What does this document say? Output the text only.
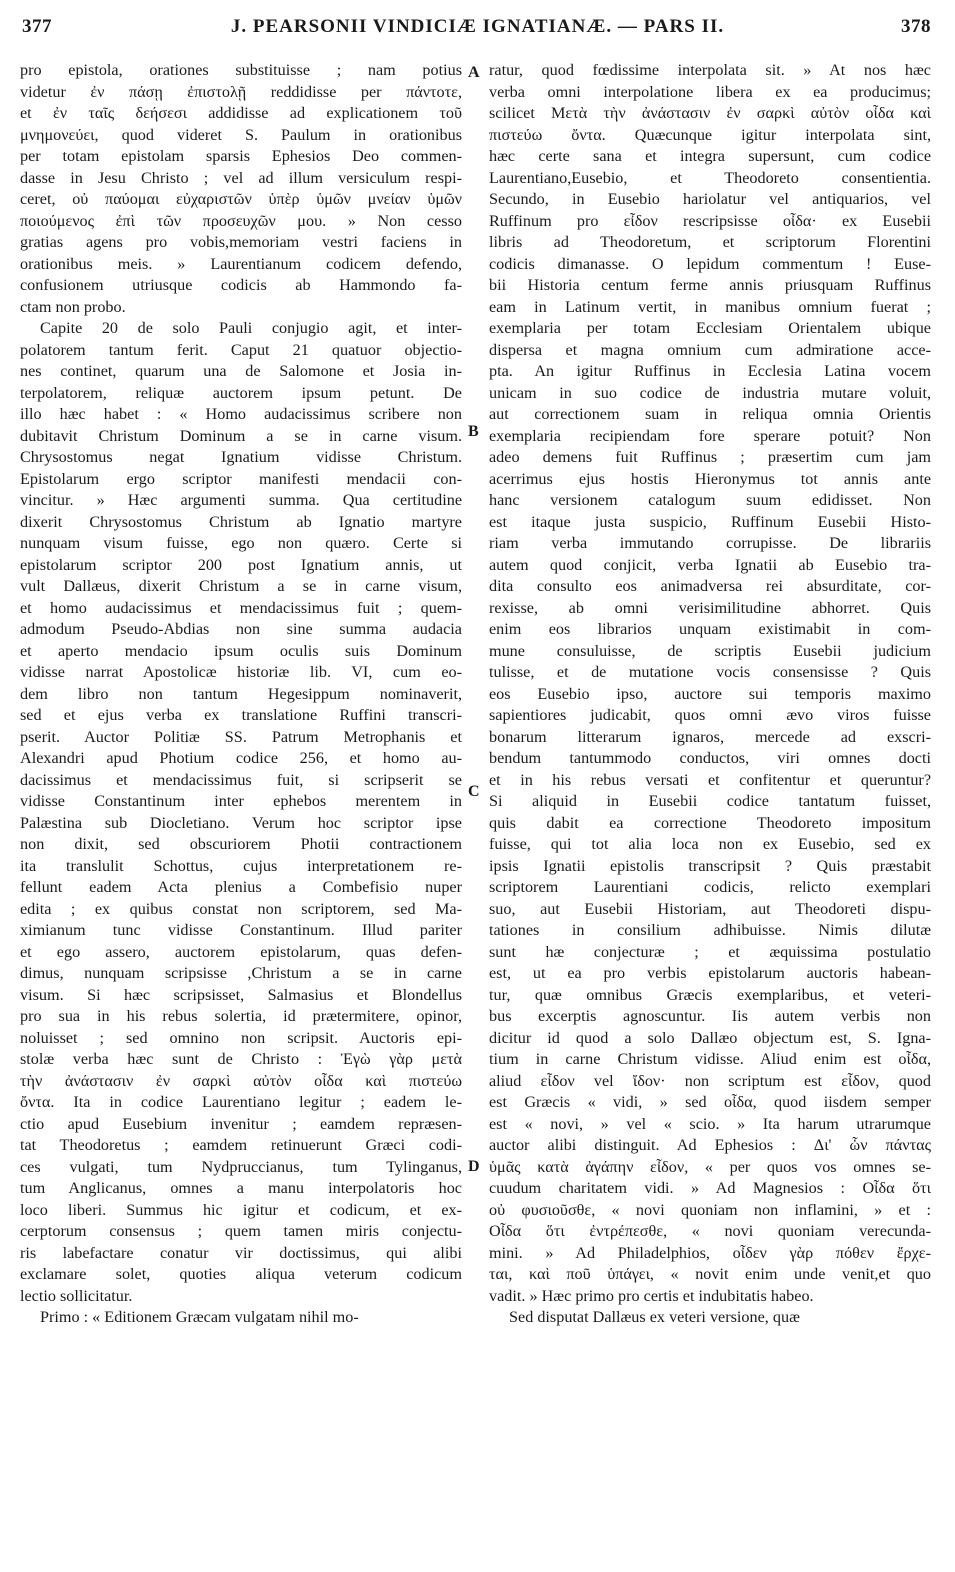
377	J. PEARSONII VINDICIÆ IGNATIANÆ. — PARS II.	378

pro epistola, orationes substituisse ; nam potius

videtur ἐν πάσῃ ἐπιστολῇ reddidisse per πάντοτε,

et ἐν ταῖς δεήσεσι addidisse ad explicationem τοῦ

μνημονεύει, quod videret S. Paulum in orationibus

per totam epistolam sparsis Ephesios Deo commen-

dasse in Jesu Christo ; vel ad illum versiculum respi-

ceret, οὐ παύομαι εὐχαριστῶν ὑπὲρ ὑμῶν μνείαν ὑμῶν

ποιούμενος ἐπὶ τῶν προσευχῶν μου. » Non cesso

gratias agens pro vobis,memoriam vestri faciens in

orationibus meis. » Laurentianum codicem defendo,

confusionem utriusque codicis ab Hammondo fa-

ctam non probo.

Capite 20 de solo Pauli conjugio agit, et inter-

polatorem tantum ferit. Caput 21 quatuor objectio-

nes continet, quarum una de Salomone et Josia in-

terpolatorem, reliquæ auctorem ipsum petunt. De

illo hæc habet : « Homo audacissimus scribere non

dubitavit Christum Dominum a se in carne visum.

Chrysostomus negat Ignatium vidisse Christum.

Epistolarum ergo scriptor manifesti mendacii con-

vincitur. » Hæc argumenti summa. Qua certitudine

dixerit Chrysostomus Christum ab Ignatio martyre

nunquam visum fuisse, ego non quæro. Certe si

epistolarum scriptor 200 post Ignatium annis, ut

vult Dallæus, dixerit Christum a se in carne visum,

et homo audacissimus et mendacissimus fuit ; quem-

admodum Pseudo-Abdias non sine summa audacia

et aperto mendacio ipsum oculis suis Dominum

vidisse narrat Apostolicæ historiæ lib. VI, cum eo-

dem libro non tantum Hegesippum nominaverit,

sed et ejus verba ex translatione Ruffini transcri-

pserit. Auctor Politiæ SS. Patrum Metrophanis et

Alexandri apud Photium codice 256, et homo au-

dacissimus et mendacissimus fuit, si scripserit se

vidisse Constantinum inter ephebos merentem in

Palæstina sub Diocletiano. Verum hoc scriptor ipse

non dixit, sed obscuriorem Photii contractionem

ita translulit Schottus, cujus interpretationem re-

fellunt eadem Acta plenius a Combefisio nuper

edita ; ex quibus constat non scriptorem, sed Ma-

ximianum tunc vidisse Constantinum. Illud pariter

et ego assero, auctorem epistolarum, quas defen-

dimus, nunquam scripsisse ,Christum a se in carne

visum. Si hæc scripsisset, Salmasius et Blondellus

pro sua in his rebus solertia, id prætermitere, opinor,

noluisset ; sed omnino non scripsit. Auctoris epi-

stolæ verba hæc sunt de Christo : Ἐγὼ γὰρ μετὰ

τὴν ἀνάστασιν ἐν σαρκὶ αὐτὸν οἶδα καὶ πιστεύω

ὄντα. Ita in codice Laurentiano legitur ; eadem le-

ctio apud Eusebium invenitur ; eamdem repræsen-

tat Theodoretus ; eamdem retinuerunt Græci codi-

ces vulgati, tum Nydpruccianus, tum Tylinganus,

tum Anglicanus, omnes a manu interpolatoris hoc

loco liberi. Summus hic igitur et codicum, et ex-

cerptorum consensus ; quem tamen miris conjectu-

ris labefactare conatur vir doctissimus, qui alibi

exclamare solet, quoties aliqua veterum codicum

lectio sollicitatur.

Primo : « Editionem Græcam vulgatam nihil mo-

ratur, quod fœdissime interpolata sit. » At nos hæc

verba omni interpolatione libera ex ea producimus;

scilicet Μετὰ τὴν ἀνάστασιν ἐν σαρκὶ αὐτὸν οἶδα καὶ

πιστεύω ὄντα. Quæcunque igitur interpolata sint,

hæc certe sana et integra supersunt, cum codice

Laurentiano,Eusebio, et Theodoreto consentientia.

Secundo, in Eusebio hariolatur vel antiquarios, vel

Ruffinum pro εἶδον rescripsisse οἶδα· ex Eusebii

libris ad Theodoretum, et scriptorum Florentini

codicis dimanasse. O lepidum commentum ! Euse-

bii Historia centum ferme annis priusquam Ruffinus

eam in Latinum vertit, in manibus omnium fuerat ;

exemplaria per totam Ecclesiam Orientalem ubique

dispersa et magna omnium cum admiratione acce-

pta. An igitur Ruffinus in Ecclesia Latina vocem

unicam in suo codice de industria mutare voluit,

aut correctionem suam in reliqua omnia Orientis

exemplaria recipiendam fore sperare potuit? Non

adeo demens fuit Ruffinus ; præsertim cum jam

acerrimus ejus hostis Hieronymus tot annis ante

hanc versionem catalogum suum edidisset. Non

est itaque justa suspicio, Ruffinum Eusebii Histo-

riam verba immutando corrupisse. De librariis

autem quod conjicit, verba Ignatii ab Eusebio tra-

dita consulto eos animadversa rei absurditate, cor-

rexisse, ab omni verisimilitudine abhorret. Quis

enim eos librarios unquam existimabit in com-

mune consuluisse, de scriptis Eusebii judicium

tulisse, et de mutatione vocis consensisse ? Quis

eos Eusebio ipso, auctore sui temporis maximo

sapientiores judicabit, quos omni ævo viros fuisse

bonarum litterarum ignaros, mercede ad exscri-

bendum tantummodo conductos, viri omnes docti

et in his rebus versati et confitentur et queruntur?

Si aliquid in Eusebii codice tantatum fuisset,

quis dabit ea correctione Theodoreto impositum

fuisse, qui tot alia loca non ex Eusebio, sed ex

ipsis Ignatii epistolis transcripsit ? Quis præstabit

scriptorem Laurentiani codicis, relicto exemplari

suo, aut Eusebii Historiam, aut Theodoreti dispu-

tationes in consilium adhibuisse. Nimis dilutæ

sunt hæ conjecturæ ; et æquissima postulatio

est, ut ea pro verbis epistolarum auctoris habean-

tur, quæ omnibus Græcis exemplaribus, et veteri-

bus excerptis agnoscuntur. Iis autem verbis non

dicitur id quod a solo Dallæo objectum est, S. Igna-

tium in carne Christum vidisse. Aliud enim est οἶδα,

aliud εἶδον vel ἴδον· non scriptum est εἶδον, quod

est Græcis « vidi, » sed οἶδα, quod iisdem semper

est « novi, » vel « scio. » Ita harum utrarumque

auctor alibi distinguit. Ad Ephesios : Δι' ὧν πάντας

ὑμᾶς κατὰ ἀγάπην εἶδον, « per quos vos omnes se-

cuudum charitatem vidi. » Ad Magnesios : Οἶδα ὅτι

οὐ φυσιοῦσθε, « novi quoniam non inflamini, » et :

Οἶδα ὅτι ἐντρέπεσθε, « novi quoniam verecunda-

mini. » Ad Philadelphios, οἶδεν γὰρ πόθεν ἔρχε-

ται, καὶ ποῦ ὑπάγει, « novit enim unde venit,et quo

vadit. » Hæc primo pro certis et indubitatis habeo.

Sed disputat Dallæus ex veteri versione, quæ

A
B
C
D
